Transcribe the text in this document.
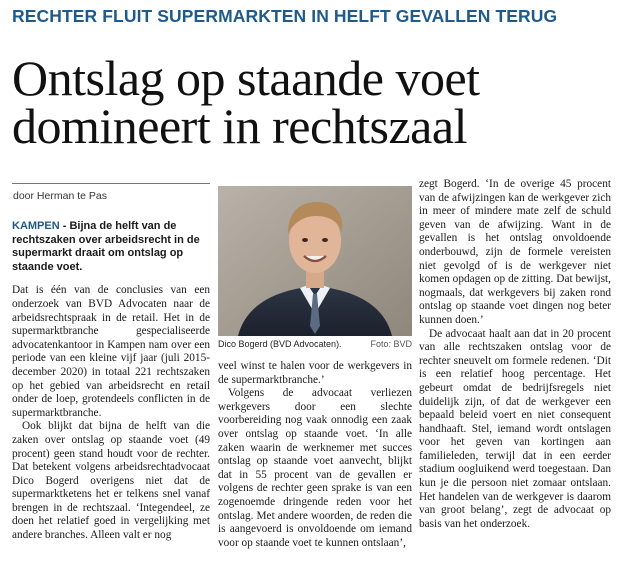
RECHTER FLUIT SUPERMARKTEN IN HELFT GEVALLEN TERUG
Ontslag op staande voet
domineert in rechtszaal
door Herman te Pas
KAMPEN - Bijna de helft van de rechtszaken over arbeidsrecht in de supermarkt draait om ontslag op staande voet.

Dat is één van de conclusies van een onderzoek van BVD Advocaten naar de arbeidsrechtspraak in de retail. Het in de supermarktbranche gespecialiseerde advocatenkantoor in Kampen nam over een periode van een kleine vijf jaar (juli 2015-december 2020) in totaal 221 rechtszaken op het gebied van arbeidsrecht en retail onder de loep, grotendeels conflicten in de supermarktbranche.

Ook blijkt dat bijna de helft van die zaken over ontslag op staande voet (49 procent) geen stand houdt voor de rechter. Dat betekent volgens arbeidsrechtadvocaat Dico Bogerd overigens niet dat de supermarktketens het er telkens snel vanaf brengen in de rechtszaal. ‘Integendeel, ze doen het relatief goed in vergelijking met andere branches. Alleen valt er nog

Dico Bogerd (BVD Advocaten).	Foto: BVD

veel winst te halen voor de werkgevers in de supermarktbranche.’

Volgens de advocaat verliezen werkgevers door een slechte voorbereiding nog vaak onnodig een zaak over ontslag op staande voet. ‘In alle zaken waarin de werknemer met succes ontslag op staande voet aanvecht, blijkt dat in 55 procent van de gevallen er volgens de rechter geen sprake is van een zogenoemde dringende reden voor het ontslag. Met andere woorden, de reden die is aangevoerd is onvoldoende om iemand voor op staande voet te kunnen ontslaan’,

zegt Bogerd. ‘In de overige 45 procent van de afwijzingen kan de werkgever zich in meer of mindere mate zelf de schuld geven van de afwijzing. Want in de gevallen is het ontslag onvoldoende onderbouwd, zijn de formele vereisten niet gevolgd of is de werkgever niet komen opdagen op de zitting. Dat bewijst, nogmaals, dat werkgevers bij zaken rond ontslag op staande voet dingen nog beter kunnen doen.’

De advocaat haalt aan dat in 20 procent van alle rechtszaken ontslag voor de rechter sneuvelt om formele redenen. ‘Dit is een relatief hoog percentage. Het gebeurt omdat de bedrijfsregels niet duidelijk zijn, of dat de werkgever een bepaald beleid voert en niet consequent handhaaft. Stel, iemand wordt ontslagen voor het geven van kortingen aan familieleden, terwijl dat in een eerder stadium oogluikend werd toegestaan. Dan kun je die persoon niet zomaar ontslaan. Het handelen van de werkgever is daarom van groot belang’, zegt de advocaat op basis van het onderzoek.
